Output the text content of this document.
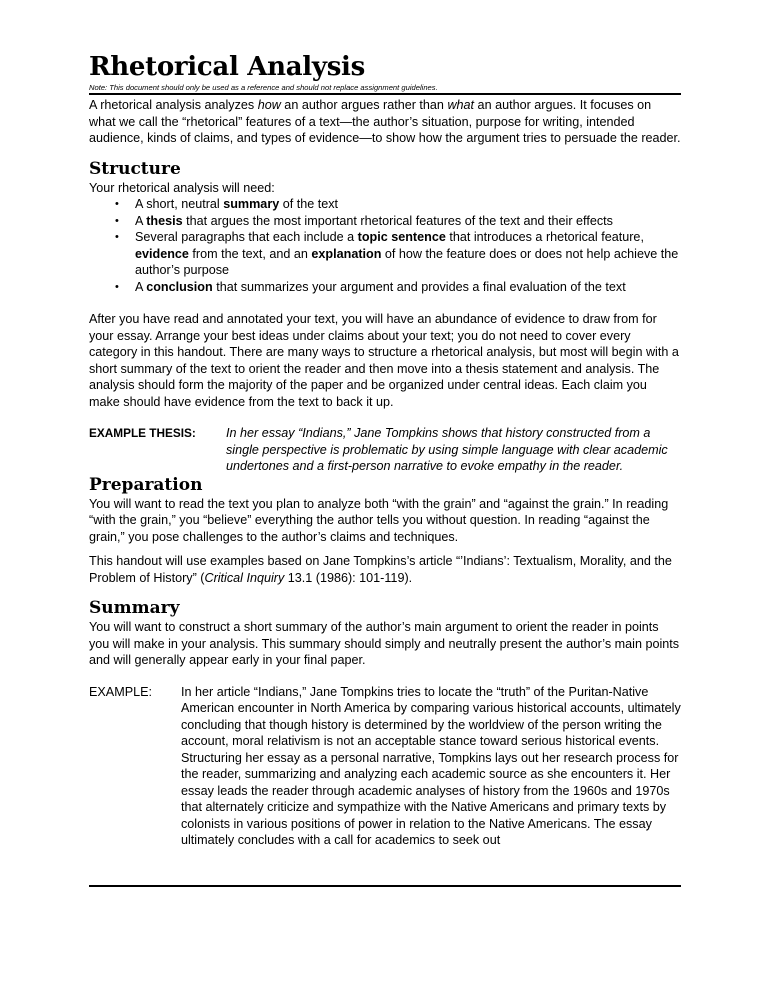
Rhetorical Analysis
Note: This document should only be used as a reference and should not replace assignment guidelines.

A rhetorical analysis analyzes how an author argues rather than what an author argues. It focuses on what we call the “rhetorical” features of a text—the author’s situation, purpose for writing, intended audience, kinds of claims, and types of evidence—to show how the argument tries to persuade the reader.

Structure

Your rhetorical analysis will need:

• A short, neutral summary of the text
• A thesis that argues the most important rhetorical features of the text and their effects
• Several paragraphs that each include a topic sentence that introduces a rhetorical feature, evidence from the text, and an explanation of how the feature does or does not help achieve the author’s purpose
• A conclusion that summarizes your argument and provides a final evaluation of the text

After you have read and annotated your text, you will have an abundance of evidence to draw from for your essay. Arrange your best ideas under claims about your text; you do not need to cover every category in this handout. There are many ways to structure a rhetorical analysis, but most will begin with a short summary of the text to orient the reader and then move into a thesis statement and analysis. The analysis should form the majority of the paper and be organized under central ideas. Each claim you make should have evidence from the text to back it up.

EXAMPLE THESIS:	In her essay “Indians,” Jane Tompkins shows that history constructed from a single perspective is problematic by using simple language with clear academic undertones and a first-person narrative to evoke empathy in the reader.
Preparation

You will want to read the text you plan to analyze both “with the grain” and “against the grain.” In reading “with the grain,” you “believe” everything the author tells you without question. In reading “against the grain,” you pose challenges to the author’s claims and techniques.

This handout will use examples based on Jane Tompkins’s article “’Indians’: Textualism, Morality, and the Problem of History” (Critical Inquiry 13.1 (1986): 101-119).

Summary

You will want to construct a short summary of the author’s main argument to orient the reader in points you will make in your analysis. This summary should simply and neutrally present the author’s main points and will generally appear early in your final paper.

EXAMPLE:	In her article “Indians,” Jane Tompkins tries to locate the “truth” of the Puritan-Native American encounter in North America by comparing various historical accounts, ultimately concluding that though history is determined by the worldview of the person writing the account, moral relativism is not an acceptable stance toward serious historical events. Structuring her essay as a personal narrative, Tompkins lays out her research process for the reader, summarizing and analyzing each academic source as she encounters it. Her essay leads the reader through academic analyses of history from the 1960s and 1970s that alternately criticize and sympathize with the Native Americans and primary texts by colonists in various positions of power in relation to the Native Americans. The essay ultimately concludes with a call for academics to seek out
